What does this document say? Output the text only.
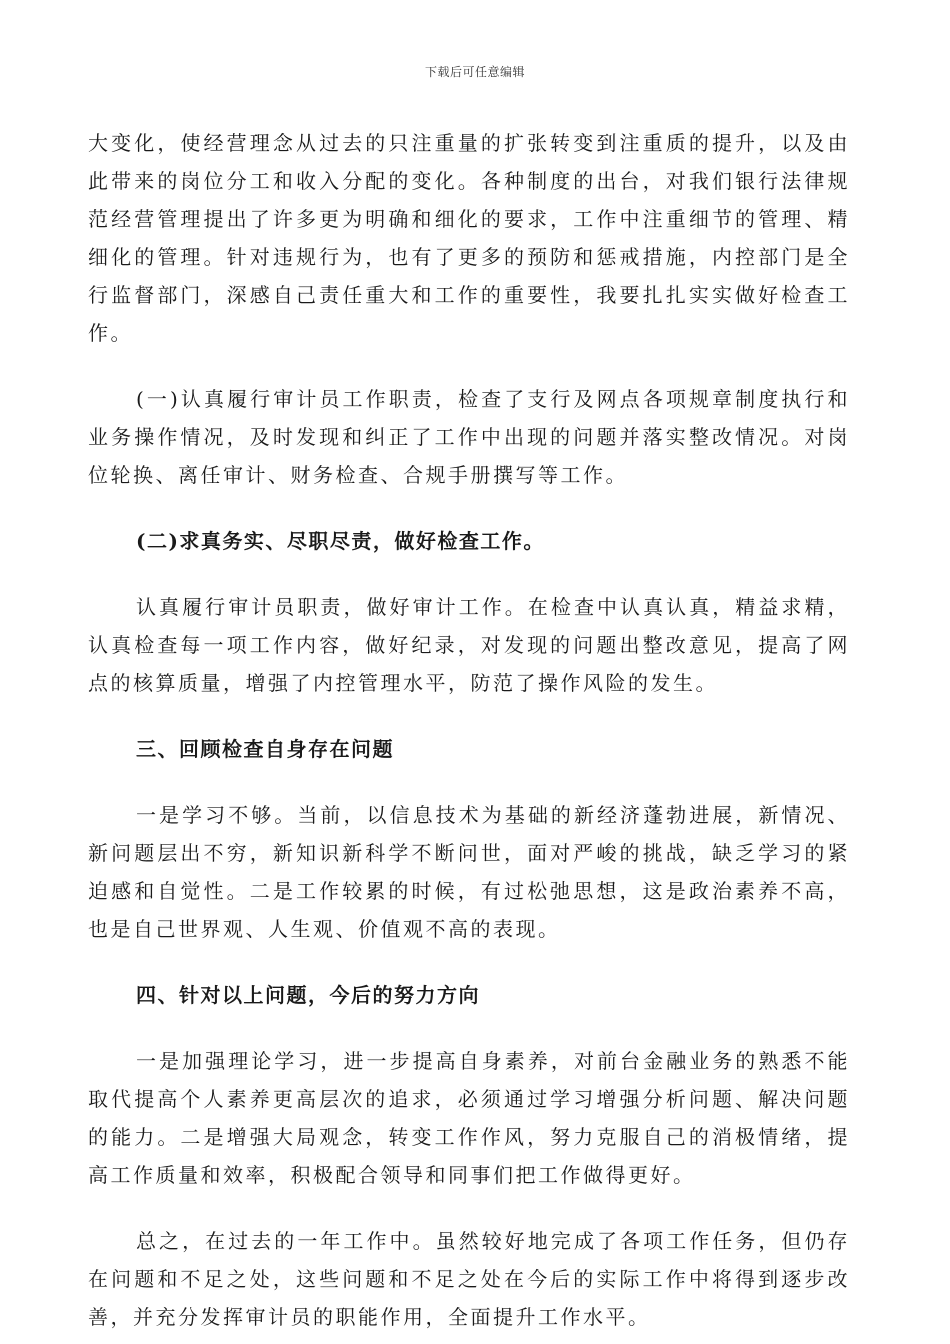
下载后可任意编辑

大变化，使经营理念从过去的只注重量的扩张转变到注重质的提升，以及由此带来的岗位分工和收入分配的变化。各种制度的出台，对我们银行法律规范经营管理提出了许多更为明确和细化的要求，工作中注重细节的管理、精细化的管理。针对违规行为，也有了更多的预防和惩戒措施，内控部门是全行监督部门，深感自己责任重大和工作的重要性，我要扎扎实实做好检查工作。

(一)认真履行审计员工作职责，检查了支行及网点各项规章制度执行和业务操作情况，及时发现和纠正了工作中出现的问题并落实整改情况。对岗位轮换、离任审计、财务检查、合规手册撰写等工作。

(二)求真务实、尽职尽责，做好检查工作。

认真履行审计员职责，做好审计工作。在检查中认真认真，精益求精，认真检查每一项工作内容，做好纪录，对发现的问题出整改意见，提高了网点的核算质量，增强了内控管理水平，防范了操作风险的发生。

三、回顾检查自身存在问题

一是学习不够。当前，以信息技术为基础的新经济蓬勃进展，新情况、新问题层出不穷，新知识新科学不断问世，面对严峻的挑战，缺乏学习的紧迫感和自觉性。二是工作较累的时候，有过松弛思想，这是政治素养不高，也是自己世界观、人生观、价值观不高的表现。

四、针对以上问题，今后的努力方向

一是加强理论学习，进一步提高自身素养，对前台金融业务的熟悉不能取代提高个人素养更高层次的追求，必须通过学习增强分析问题、解决问题的能力。二是增强大局观念，转变工作作风，努力克服自己的消极情绪，提高工作质量和效率，积极配合领导和同事们把工作做得更好。

总之，在过去的一年工作中。虽然较好地完成了各项工作任务，但仍存在问题和不足之处，这些问题和不足之处在今后的实际工作中将得到逐步改善，并充分发挥审计员的职能作用，全面提升工作水平。
